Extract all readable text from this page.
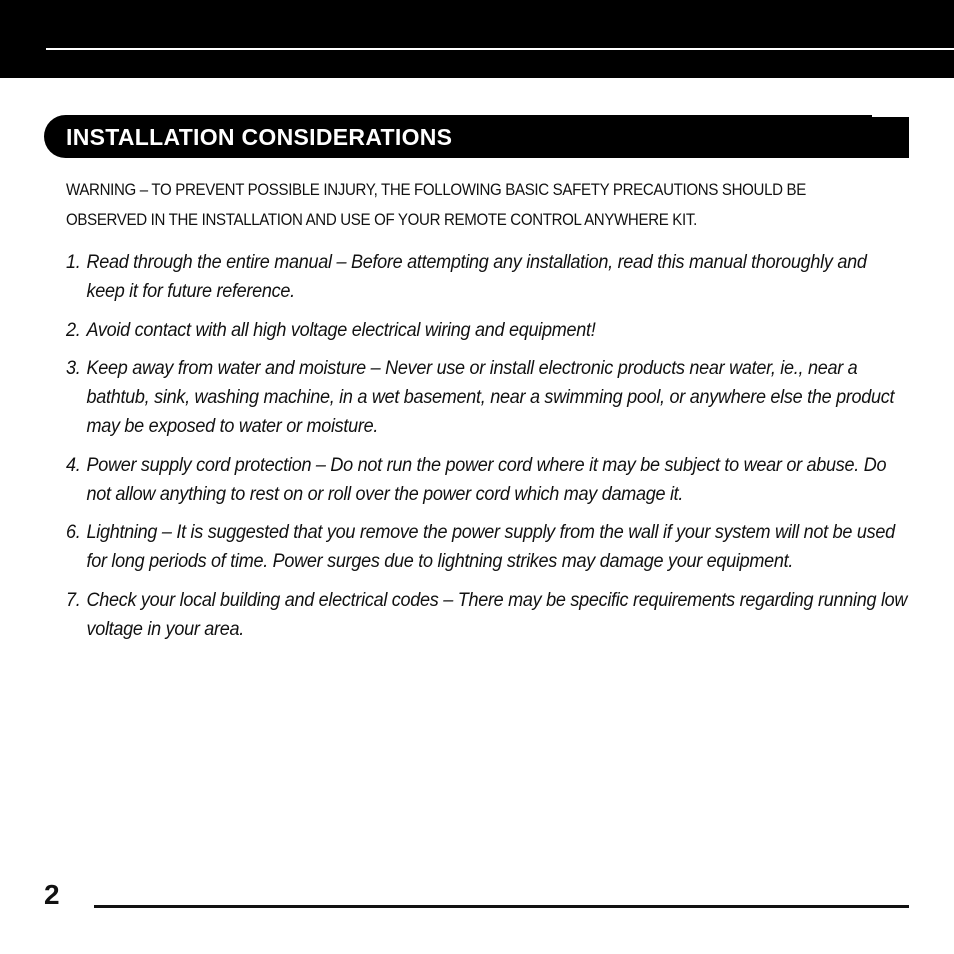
INSTALLATION CONSIDERATIONS
WARNING – TO PREVENT POSSIBLE INJURY, THE FOLLOWING BASIC SAFETY PRECAUTIONS SHOULD BE OBSERVED IN THE INSTALLATION AND USE OF YOUR REMOTE CONTROL ANYWHERE KIT.
1. Read through the entire manual – Before attempting any installation, read this manual thoroughly and keep it for future reference.
2. Avoid contact with all high voltage electrical wiring and equipment!
3. Keep away from water and moisture – Never use or install electronic products near water, ie., near a bathtub, sink, washing machine, in a wet basement, near a swimming pool, or anywhere else the product may be exposed to water or moisture.
4. Power supply cord protection – Do not run the power cord where it may be subject to wear or abuse. Do not allow anything to rest on or roll over the power cord which may damage it.
6. Lightning – It is suggested that you remove the power supply from the wall if your system will not be used for long periods of time. Power surges due to lightning strikes may damage your equipment.
7. Check your local building and electrical codes – There may be specific requirements regarding running low voltage in your area.
2
